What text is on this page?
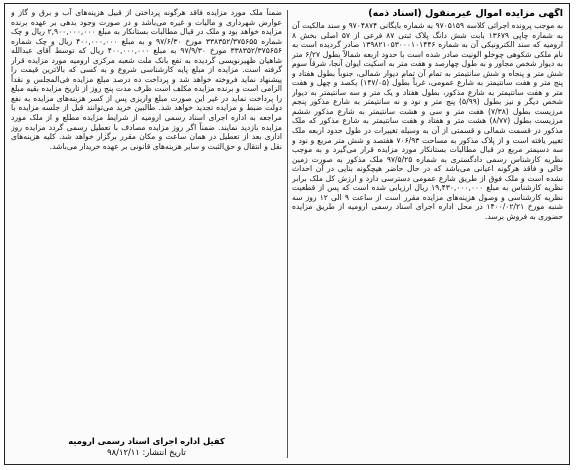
آگهی مزایده اموال غیرمنقول (اسناد ذمه)

به موجب پرونده اجرائی کلاسه ۹۷۰۵۱۵۹ به شماره بایگانی ۹۷۰۴۸۷۴ و سند مالکیت آن به شماره چاپی ۱۳۶۷۹ بابت شش دانگ پلاک ثبتی ۸۷ فرعی از ۵۷ اصلی بخش ۸ ارومیه که سند الکترونیکی آن به شماره ۱۳۹۸۲۱۰۵۳۰۰۰۱۰۱۴۴۶ صادر گردیده است به نام ملکی شکوهی چوخلو الونیت صادر شده است با حدود اربعه شمالاً بطول ۶/۲۷ متر به دیوار شخص مجاور و به طول چهارصد و هفت متر به اسکیت ایوان آنجا، شرقاً سوم شش متر و پنجاه و شش سانتیمتر به تمام آن تمام دیوار شمالی، جنوباً بطول هفتاد و پنج متر و هفت سانتیمتر به شارع عمومی، غرباً بطول (۱۴۷/۰۵) یکصد و چهل و هفت متر و هفت سانتیمتر به شارع مذکور، بطول هفتاد و یک متر و سه سانتیمتر به دیوار شخص دیگر و نیز بطول (۵/۹۹) پنج متر و نود و نه سانتیمتر به شارع مذکور پنجم مرزیست بطول (۷/۳۸) هفت متر و سی و هشت سانتیمتر به شارع مذکور ششم مرزیست بطول (۸/۷۷) هشت متر و هفتاد و هفت سانتیمتر به شارع مذکور که ملک مذکور در قسمت شمالی و قسمتی از آن به وسیله تغییرات در طول حدود اربعه ملک تغییر یافته است و از پلاک مذکور به مساحت ۷۰۶/۹۳ هفتصد و شش متر مربع و نود و سه دسیمتر مربع در قبال مطالبات بستانکار مورد مزایده قرار می‌گیرد و به موجب نظریه کارشناس رسمی دادگستری به شماره ۹۷/۵/۲۵ ملک مذکور به صورت زمین خالی و فاقد هرگونه اعیانی می‌باشد که در حال حاضر هیچگونه بنایی در آن احداث نشده است و ملک فوق از طریق شارع عمومی دسترسی دارد و ارزش کل ملک برابر نظریه کارشناس به مبلغ ۱۹,۴۳۰,۰۰۰,۰۰۰ ریال ارزیابی شده است که پس از قطعیت نظریه کارشناسی و وصول هزینه‌های مزایده مقرر است از ساعت ۹ الی ۱۲ روز سه شنبه مورخ ۱۴۰۰/۰۲/۲۱ در محل اداره اجرای اسناد رسمی ارومیه از طریق مزایده حضوری به فروش برسد.

ضمناً ملک مورد مزایده فاقد هرگونه پرداختی از قبیل هزینه‌های آب و برق و گاز و عوارض شهرداری و مالیات و غیره می‌باشد و در صورت وجود بدهی بر عهده برنده مزایده خواهد بود و ملک در قبال مطالبات بستانکار به مبلغ ۲,۹۰۰,۰۰۰,۰۰۰ ریال و چک شماره ۳۳۸۳۵۲/۳۷۵۶۵۵ مورخ ۹۷/۶/۳۰ و به مبلغ ۴۰۰,۰۰۰,۰۰۰ ریال و چک شماره ۳۳۸۳۵۲/۳۷۵۶۵۶ مورخ ۹۷/۹/۳۰ به مبلغ ۴۰۰,۰۰۰,۰۰۰ ریال که توسط آقای عبدالله شاهیان ظهیرنویسی گردیده به نفع بانک ملت شعبه مرکزی ارومیه مورد مزایده قرار گرفته است. مزایده از مبلغ پایه کارشناسی شروع و به کسی که بالاترین قیمت را پیشنهاد نماید فروخته خواهد شد و پرداخت ده درصد مبلغ مزایده فی‌المجلس و نقداً الزامی است و برنده مزایده مکلف است ظرف مدت پنج روز از تاریخ مزایده بقیه مبلغ را پرداخت نماید در غیر این صورت مبلغ واریزی پس از کسر هزینه‌های مزایده به نفع دولت ضبط و مزایده تجدید خواهد شد. طالبین خرید می‌توانند قبل از جلسه مزایده با مراجعه به اداره اجرای اسناد رسمی ارومیه از شرایط مزایده مطلع و از ملک مورد مزایده بازدید نمایند. ضمناً اگر روز مزایده مصادف با تعطیل رسمی گردد مزایده روز اداری بعد از تعطیل در همان ساعت و مکان مقرر برگزار خواهد شد. کلیه هزینه‌های نقل و انتقال و حق‌الثبت و سایر هزینه‌های قانونی بر عهده خریدار می‌باشد.

کفیل اداره اجرای اسناد رسمی ارومیه
تاریخ انتشار: ۹۸/۱۲/۱۱
